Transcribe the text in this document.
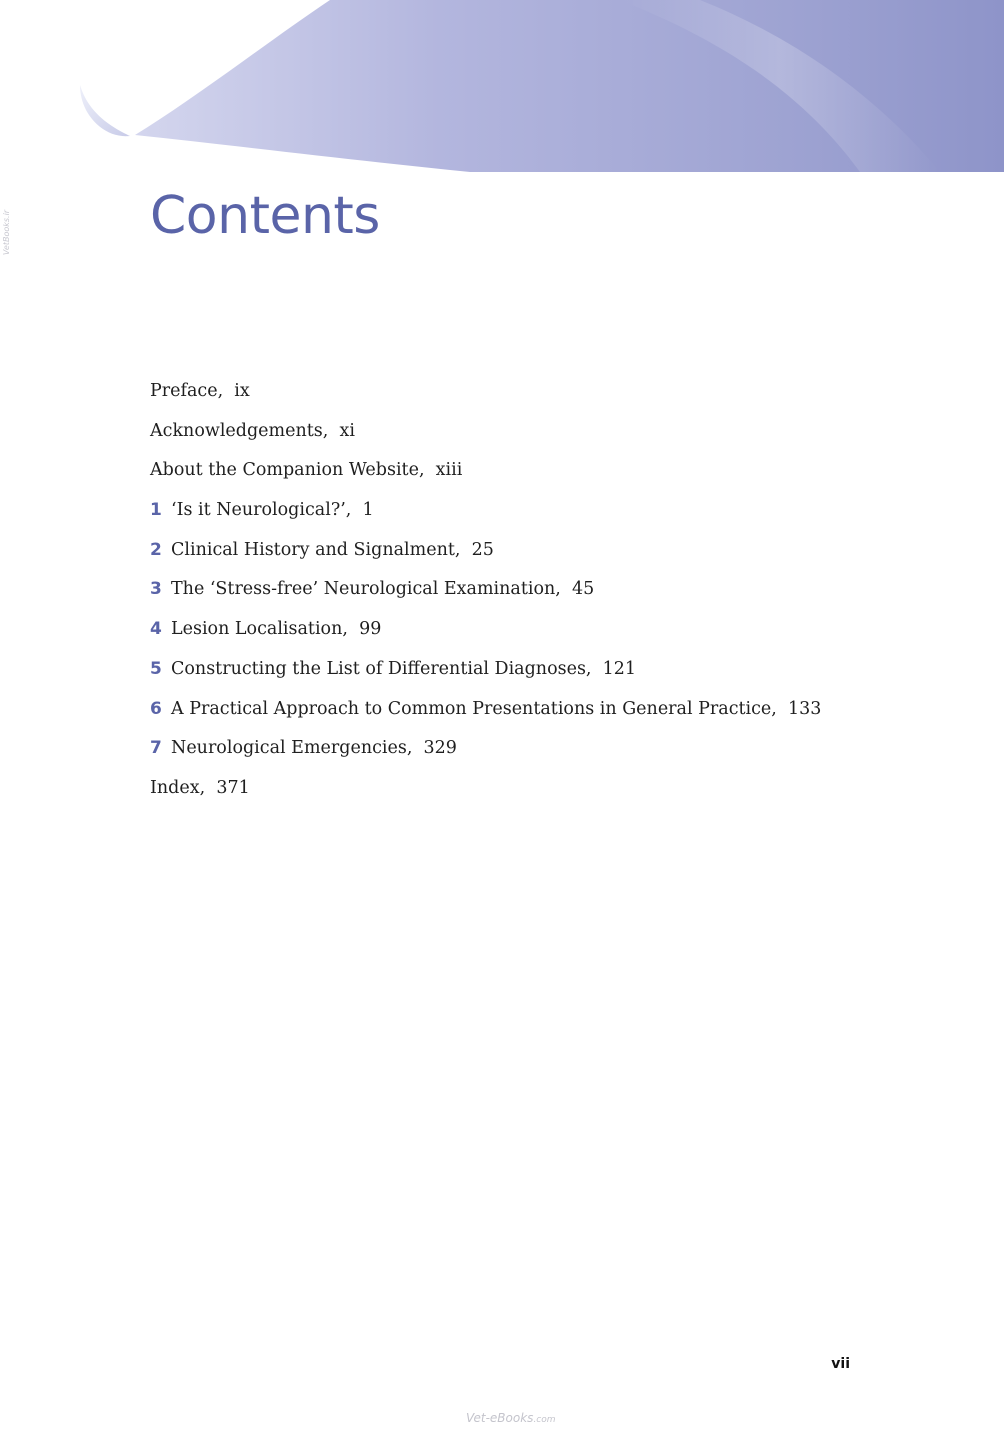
VetBooks.ir	Contents
Preface, ix
Acknowledgements, xi
About the Companion Website, xiii
1 ‘Is it Neurological?’, 1
2 Clinical History and Signalment, 25
3 The ‘Stress-free’ Neurological Examination, 45
4 Lesion Localisation, 99
5 Constructing the List of Differential Diagnoses, 121
6 A Practical Approach to Common Presentations in General Practice, 133
7 Neurological Emergencies, 329
Index, 371
vii
Vet-eBooks.com
